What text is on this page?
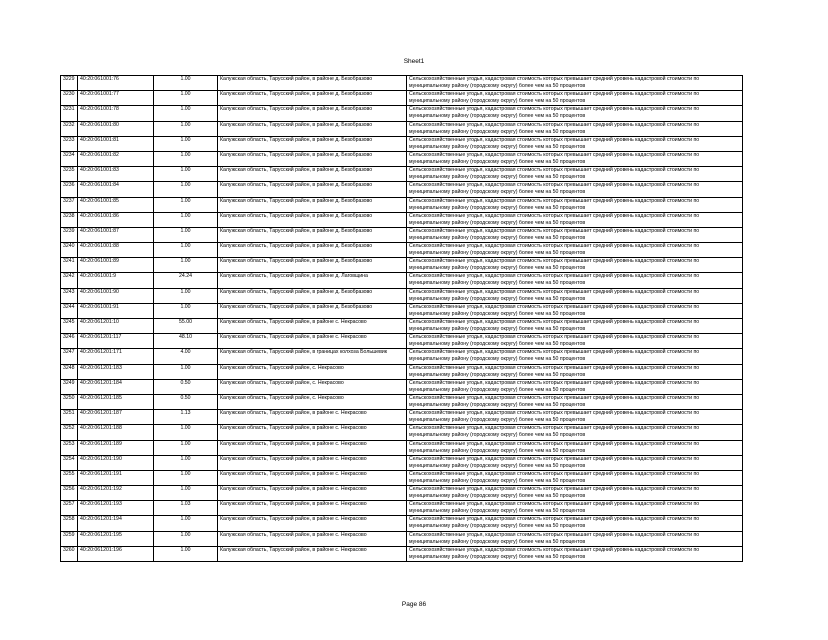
Sheet1
3229	40:20:061001:76	1.00	Калужская область, Тарусский район, в районе д. Безобразово	Сельскохозяйственные угодья, кадастровая стоимость которых превышает средний уровень кадастровой стоимости по
муниципальному району (городскому округу) более чем на 50 процентов

3230	40:20:061001:77	1.00	Калужская область, Тарусский район, в районе д. Безобразово	Сельскохозяйственные угодья, кадастровая стоимость которых превышает средний уровень кадастровой стоимости по
муниципальному району (городскому округу) более чем на 50 процентов

3231	40:20:061001:78	1.00	Калужская область, Тарусский район, в районе д. Безобразово	Сельскохозяйственные угодья, кадастровая стоимость которых превышает средний уровень кадастровой стоимости по
муниципальному району (городскому округу) более чем на 50 процентов

3232	40:20:061001:80	1.00	Калужская область, Тарусский район, в районе д. Безобразово	Сельскохозяйственные угодья, кадастровая стоимость которых превышает средний уровень кадастровой стоимости по
муниципальному району (городскому округу) более чем на 50 процентов

3233	40:20:061001:81	1.00	Калужская область, Тарусский район, в районе д. Безобразово	Сельскохозяйственные угодья, кадастровая стоимость которых превышает средний уровень кадастровой стоимости по
муниципальному району (городскому округу) более чем на 50 процентов

3234	40:20:061001:82	1.00	Калужская область, Тарусский район, в районе д. Безобразово	Сельскохозяйственные угодья, кадастровая стоимость которых превышает средний уровень кадастровой стоимости по
муниципальному району (городскому округу) более чем на 50 процентов

3235	40:20:061001:83	1.00	Калужская область, Тарусский район, в районе д. Безобразово	Сельскохозяйственные угодья, кадастровая стоимость которых превышает средний уровень кадастровой стоимости по
муниципальному району (городскому округу) более чем на 50 процентов

3236	40:20:061001:84	1.00	Калужская область, Тарусский район, в районе д. Безобразово	Сельскохозяйственные угодья, кадастровая стоимость которых превышает средний уровень кадастровой стоимости по
муниципальному району (городскому округу) более чем на 50 процентов

3237	40:20:061001:85	1.00	Калужская область, Тарусский район, в районе д. Безобразово	Сельскохозяйственные угодья, кадастровая стоимость которых превышает средний уровень кадастровой стоимости по
муниципальному району (городскому округу) более чем на 50 процентов

3238	40:20:061001:86	1.00	Калужская область, Тарусский район, в районе д. Безобразово	Сельскохозяйственные угодья, кадастровая стоимость которых превышает средний уровень кадастровой стоимости по
муниципальному району (городскому округу) более чем на 50 процентов

3239	40:20:061001:87	1.00	Калужская область, Тарусский район, в районе д. Безобразово	Сельскохозяйственные угодья, кадастровая стоимость которых превышает средний уровень кадастровой стоимости по
муниципальному району (городскому округу) более чем на 50 процентов

3240	40:20:061001:88	1.00	Калужская область, Тарусский район, в районе д. Безобразово	Сельскохозяйственные угодья, кадастровая стоимость которых превышает средний уровень кадастровой стоимости по
муниципальному району (городскому округу) более чем на 50 процентов

3241	40:20:061001:89	1.00	Калужская область, Тарусский район, в районе д. Безобразово	Сельскохозяйственные угодья, кадастровая стоимость которых превышает средний уровень кадастровой стоимости по
муниципальному району (городскому округу) более чем на 50 процентов

3242	40:20:061001:9	24.24	Калужская область, Тарусский район, в районе д. Лаговщина	Сельскохозяйственные угодья, кадастровая стоимость которых превышает средний уровень кадастровой стоимости по
муниципальному району (городскому округу) более чем на 50 процентов

3243	40:20:061001:90	1.00	Калужская область, Тарусский район, в районе д. Безобразово	Сельскохозяйственные угодья, кадастровая стоимость которых превышает средний уровень кадастровой стоимости по
муниципальному району (городскому округу) более чем на 50 процентов

3244	40:20:061001:91	1.00	Калужская область, Тарусский район, в районе д. Безобразово	Сельскохозяйственные угодья, кадастровая стоимость которых превышает средний уровень кадастровой стоимости по
муниципальному району (городскому округу) более чем на 50 процентов

3245	40:20:061201:10	55.00	Калужская область, Тарусский район, в районе с. Некрасово	Сельскохозяйственные угодья, кадастровая стоимость которых превышает средний уровень кадастровой стоимости по
муниципальному району (городскому округу) более чем на 50 процентов

3246	40:20:061201:117	48.10	Калужская область, Тарусский район, в районе с. Некрасово	Сельскохозяйственные угодья, кадастровая стоимость которых превышает средний уровень кадастровой стоимости по
муниципальному району (городскому округу) более чем на 50 процентов

3247	40:20:061201:171	4.00	Калужская область, Тарусский район, в границах колхоза Большевик	Сельскохозяйственные угодья, кадастровая стоимость которых превышает средний уровень кадастровой стоимости по
муниципальному району (городскому округу) более чем на 50 процентов

3248	40:20:061201:183	1.00	Калужская область, Тарусский район, с. Некрасово	Сельскохозяйственные угодья, кадастровая стоимость которых превышает средний уровень кадастровой стоимости по
муниципальному району (городскому округу) более чем на 50 процентов

3249	40:20:061201:184	0.50	Калужская область, Тарусский район, с. Некрасово	Сельскохозяйственные угодья, кадастровая стоимость которых превышает средний уровень кадастровой стоимости по
муниципальному району (городскому округу) более чем на 50 процентов

3250	40:20:061201:185	0.50	Калужская область, Тарусский район, с. Некрасово	Сельскохозяйственные угодья, кадастровая стоимость которых превышает средний уровень кадастровой стоимости по
муниципальному району (городскому округу) более чем на 50 процентов

3251	40:20:061201:187	1.13	Калужская область, Тарусский район, в районе с. Некрасово	Сельскохозяйственные угодья, кадастровая стоимость которых превышает средний уровень кадастровой стоимости по
муниципальному району (городскому округу) более чем на 50 процентов

3252	40:20:061201:188	1.00	Калужская область, Тарусский район, в районе с. Некрасово	Сельскохозяйственные угодья, кадастровая стоимость которых превышает средний уровень кадастровой стоимости по
муниципальному району (городскому округу) более чем на 50 процентов

3253	40:20:061201:189	1.00	Калужская область, Тарусский район, в районе с. Некрасово	Сельскохозяйственные угодья, кадастровая стоимость которых превышает средний уровень кадастровой стоимости по
муниципальному району (городскому округу) более чем на 50 процентов

3254	40:20:061201:190	1.00	Калужская область, Тарусский район, в районе с. Некрасово	Сельскохозяйственные угодья, кадастровая стоимость которых превышает средний уровень кадастровой стоимости по
муниципальному району (городскому округу) более чем на 50 процентов

3255	40:20:061201:191	1.00	Калужская область, Тарусский район, в районе с. Некрасово	Сельскохозяйственные угодья, кадастровая стоимость которых превышает средний уровень кадастровой стоимости по
муниципальному району (городскому округу) более чем на 50 процентов

3256	40:20:061201:192	1.00	Калужская область, Тарусский район, в районе с. Некрасово	Сельскохозяйственные угодья, кадастровая стоимость которых превышает средний уровень кадастровой стоимости по
муниципальному району (городскому округу) более чем на 50 процентов

3257	40:20:061201:193	1.03	Калужская область, Тарусский район, в районе с. Некрасово	Сельскохозяйственные угодья, кадастровая стоимость которых превышает средний уровень кадастровой стоимости по
муниципальному району (городскому округу) более чем на 50 процентов

3258	40:20:061201:194	1.00	Калужская область, Тарусский район, в районе с. Некрасово	Сельскохозяйственные угодья, кадастровая стоимость которых превышает средний уровень кадастровой стоимости по
муниципальному району (городскому округу) более чем на 50 процентов

3259	40:20:061201:195	1.00	Калужская область, Тарусский район, в районе с. Некрасово	Сельскохозяйственные угодья, кадастровая стоимость которых превышает средний уровень кадастровой стоимости по
муниципальному району (городскому округу) более чем на 50 процентов

3260	40:20:061201:196	1.00	Калужская область, Тарусский район, в районе с. Некрасово	Сельскохозяйственные угодья, кадастровая стоимость которых превышает средний уровень кадастровой стоимости по
муниципальному району (городскому округу) более чем на 50 процентов
Page 86
